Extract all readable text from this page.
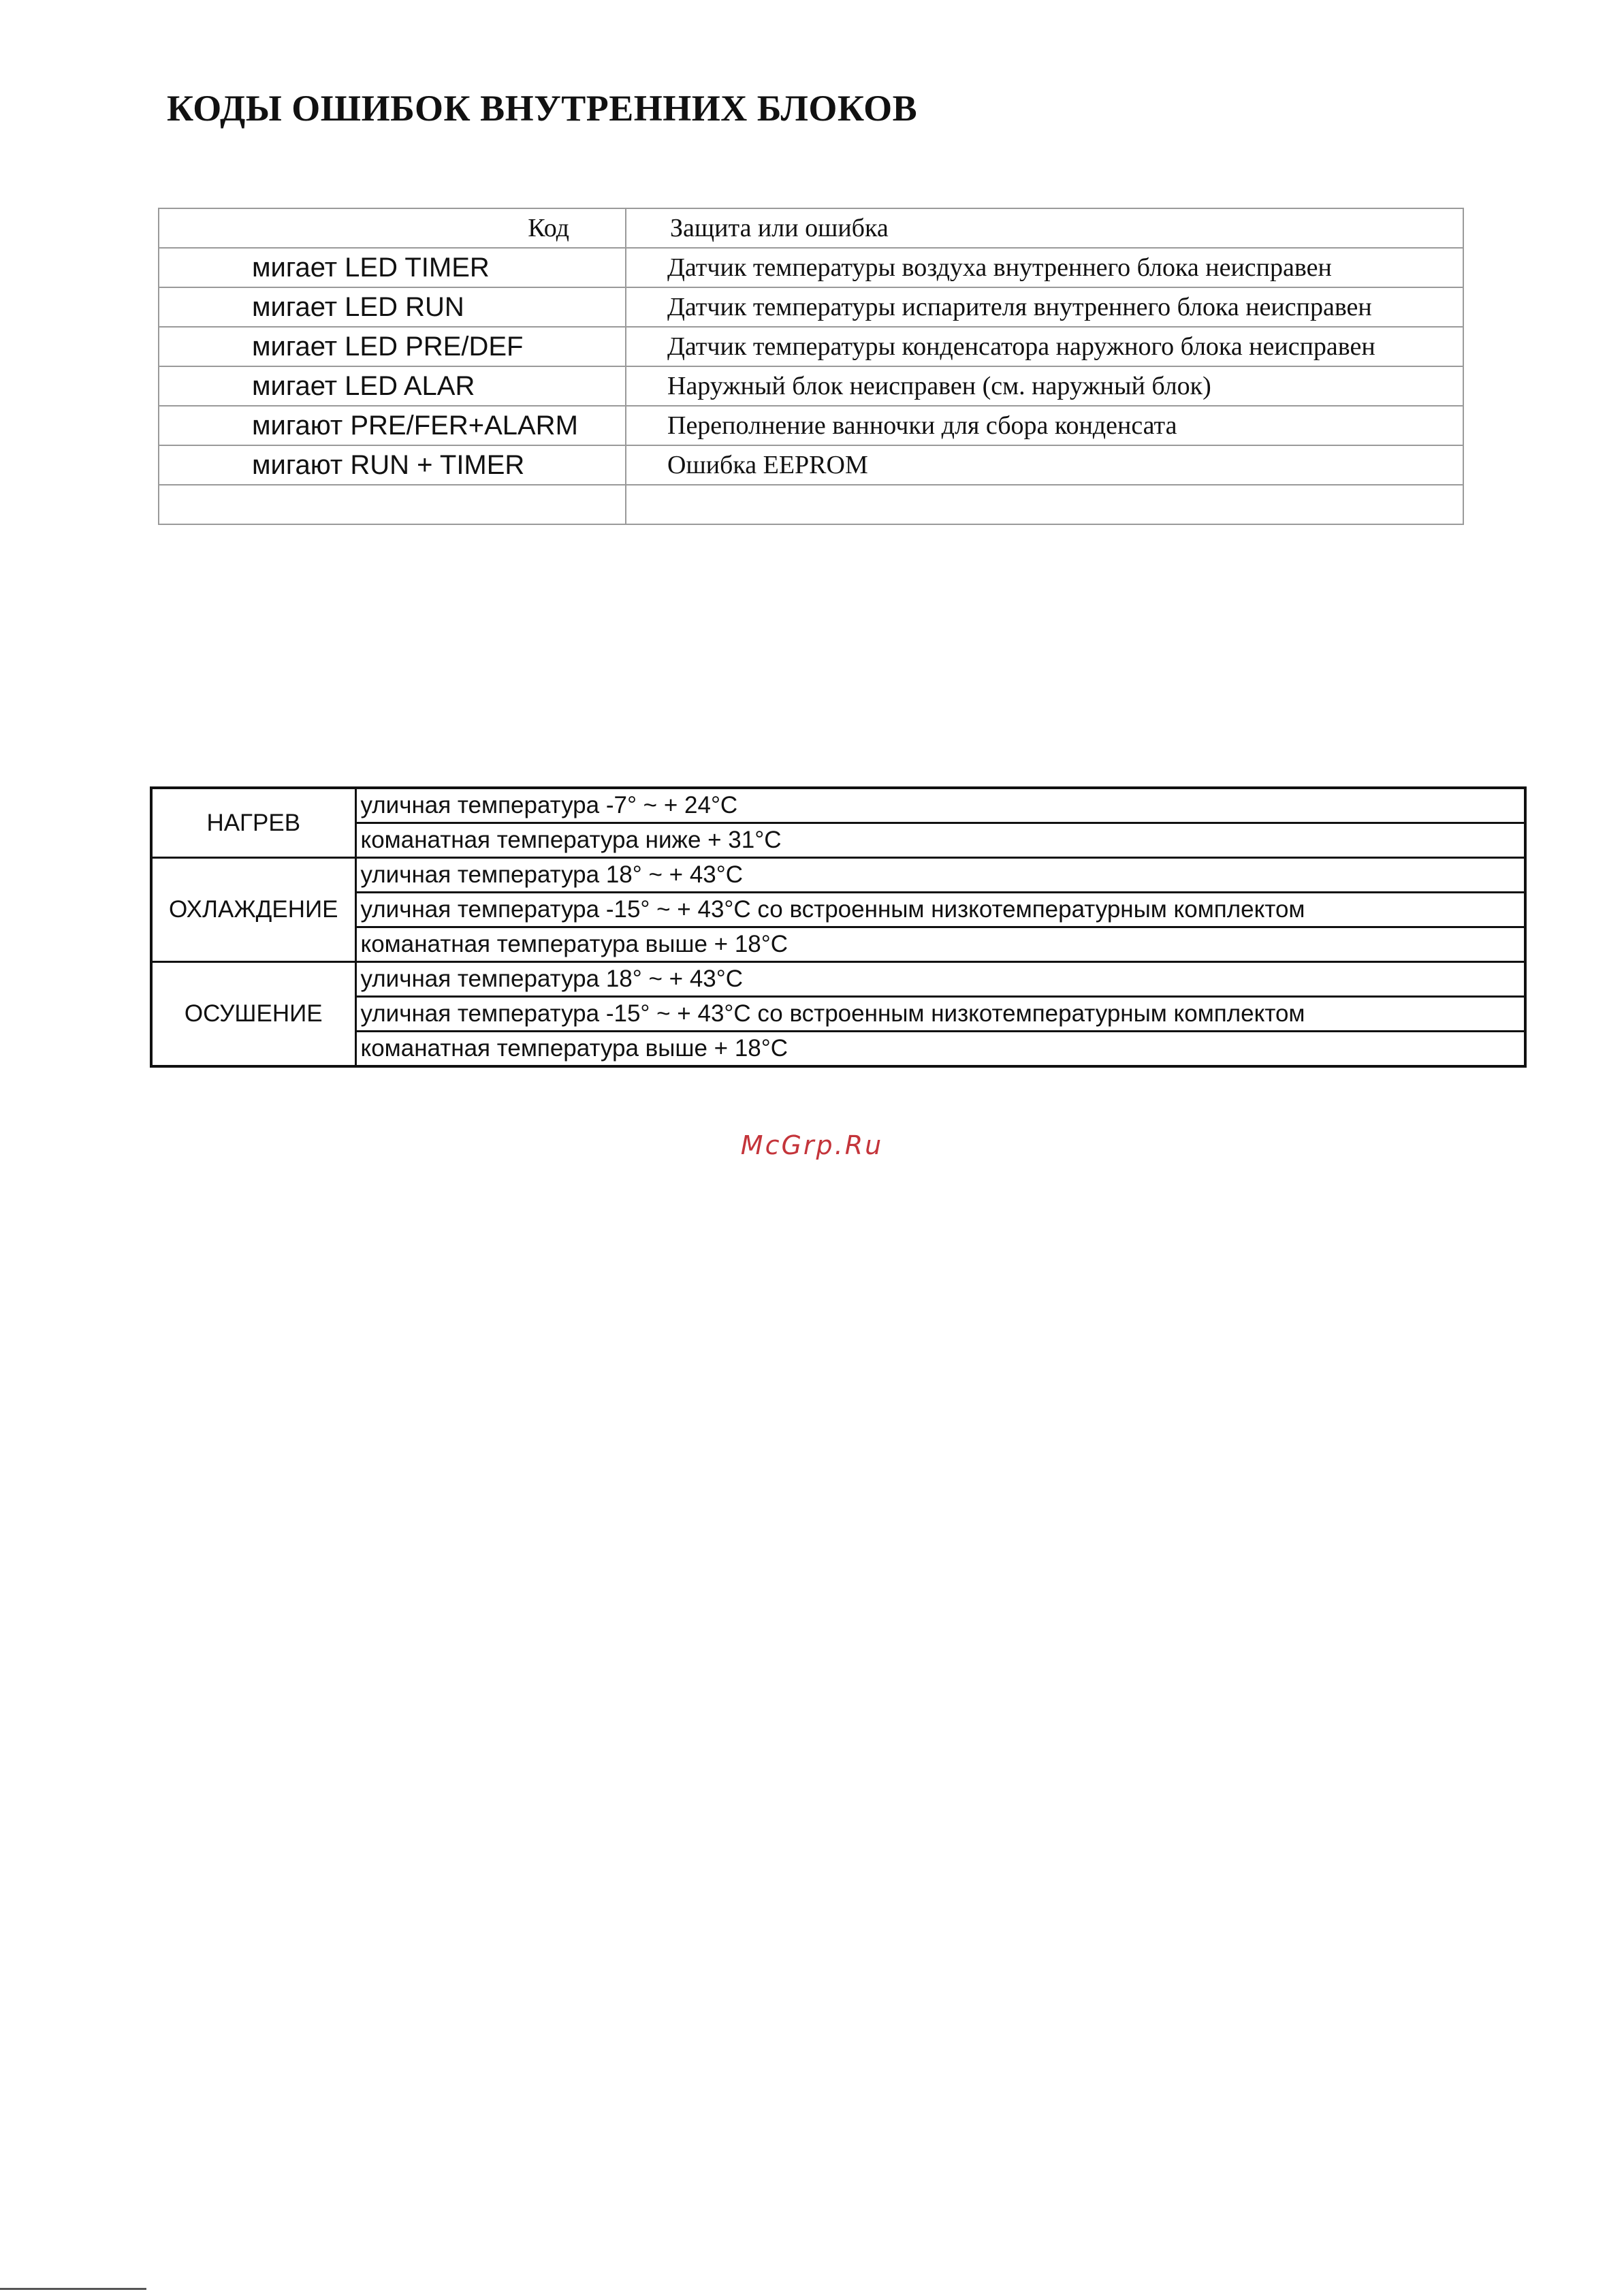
КОДЫ ОШИБОК ВНУТРЕННИХ БЛОКОВ
Код	Защита или ошибка
мигает LED TIMER	Датчик температуры воздуха внутреннего блока неисправен
мигает LED RUN	Датчик температуры испарителя внутреннего блока неисправен
мигает LED PRE/DEF	Датчик температуры конденсатора наружного блока неисправен
мигает LED ALAR	Наружный блок неисправен (см. наружный блок)
мигают PRE/FER+ALARM	Переполнение ванночки для сбора конденсата
мигают RUN + TIMER	Ошибка EEPROM

НАГРЕВ	уличная температура -7° ~ + 24°C
	команатная температура ниже + 31°C
ОХЛАЖДЕНИЕ	уличная температура 18° ~ + 43°C
	уличная температура -15° ~ + 43°C со встроенным низкотемпературным комплектом
	команатная температура выше + 18°C
ОСУШЕНИЕ	уличная температура 18° ~ + 43°C
	уличная температура -15° ~ + 43°C со встроенным низкотемпературным комплектом
	команатная температура выше + 18°C
McGrp.Ru
